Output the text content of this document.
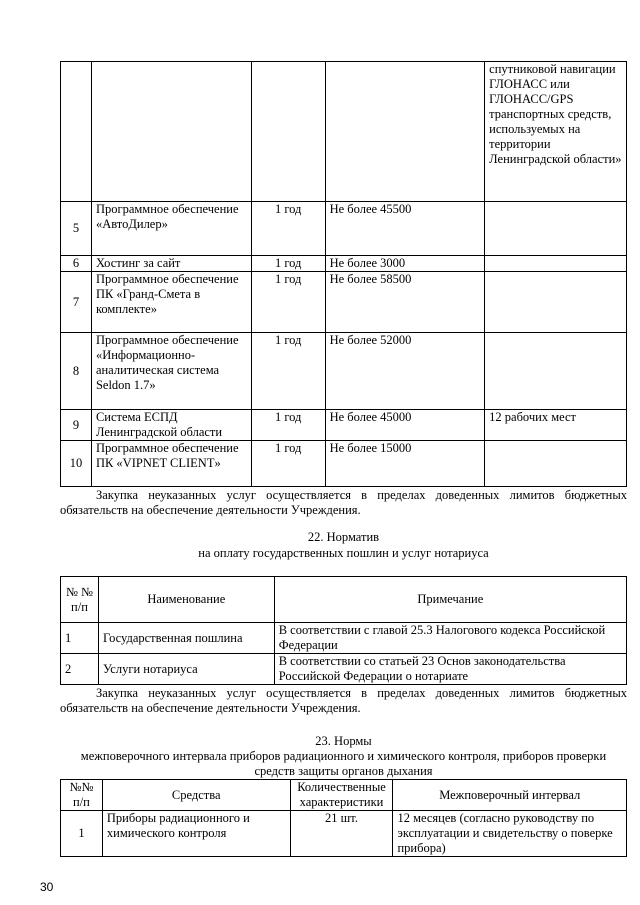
				спутниковой навигации ГЛОНАСС или ГЛОНАСС/GPS транспортных средств, используемых на территории Ленинградской области»
5	Программное обеспечение «АвтоДилер»	1 год	Не более 45500	
6	Хостинг за сайт	1 год	Не более 3000	
7	Программное обеспечение ПК «Гранд-Смета в комплекте»	1 год	Не более 58500	
8	Программное обеспечение «Информационно-аналитическая система Seldon 1.7»	1 год	Не более 52000	
9	Система ЕСПД Ленинградской области	1 год	Не более 45000	12 рабочих мест
10	Программное обеспечение ПК «VIPNET CLIENT»	1 год	Не более 15000	

Закупка неуказанных услуг осуществляется в пределах доведенных лимитов бюджетных обязательств на обеспечение деятельности Учреждения.

22. Норматив

на оплату государственных пошлин и услуг нотариуса

№ № п/п	Наименование	Примечание
1	Государственная пошлина	В соответствии с главой 25.3 Налогового кодекса Российской Федерации
2	Услуги нотариуса	В соответствии со статьей 23 Основ законодательства Российской Федерации о нотариате

Закупка неуказанных услуг осуществляется в пределах доведенных лимитов бюджетных обязательств на обеспечение деятельности Учреждения.

23. Нормы

межповерочного интервала приборов радиационного и химического контроля, приборов проверки средств защиты органов дыхания

№№ п/п	Средства	Количественные характеристики	Межповерочный интервал
1	Приборы радиационного и химического контроля	21 шт.	12 месяцев (согласно руководству по эксплуатации и свидетельству о поверке прибора)
30
